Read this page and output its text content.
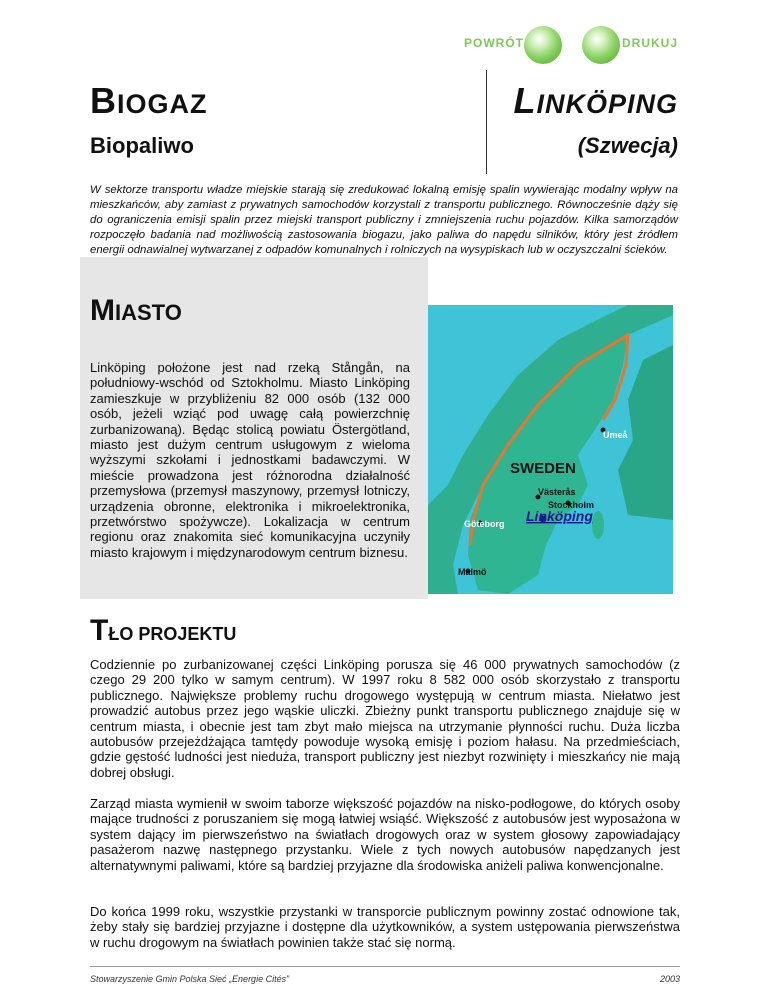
POWRÓT	DRUKUJ
BIOGAZ
Biopaliwo
LINKÖPING
(Szwecja)
W sektorze transportu władze miejskie starają się zredukować lokalną emisję spalin wywierając modalny wpływ na mieszkańców, aby zamiast z prywatnych samochodów korzystali z transportu publicznego. Równocześnie dąży się do ograniczenia emisji spalin przez miejski transport publiczny i zmniejszenia ruchu pojazdów. Kilka samorządów rozpoczęło badania nad możliwością zastosowania biogazu, jako paliwa do napędu silników, który jest źródłem energii odnawialnej wytwarzanej z odpadów komunalnych i rolniczych na wysypiskach lub w oczyszczalni ścieków.
MIASTO
Linköping położone jest nad rzeką Stångån, na południowy-wschód od Sztokholmu. Miasto Linköping zamieszkuje w przybliżeniu 82 000 osób (132 000 osób, jeżeli wziąć pod uwagę całą powierzchnię zurbanizowaną). Będąc stolicą powiatu Östergötland, miasto jest dużym centrum usługowym z wieloma wyższymi szkołami i jednostkami badawczymi. W mieście prowadzona jest różnorodna działalność przemysłowa (przemysł maszynowy, przemysł lotniczy, urządzenia obronne, elektronika i mikroelektronika, przetwórstwo spożywcze). Lokalizacja w centrum regionu oraz znakomita sieć komunikacyjna uczyniły miasto krajowym i międzynarodowym centrum biznesu.
SWEDEN
Umeå
Västerås
Stockholm
Göteborg Linköping
Malmö
TŁO PROJEKTU

Codziennie po zurbanizowanej części Linköping porusza się 46 000 prywatnych samochodów (z czego 29 200 tylko w samym centrum). W 1997 roku 8 582 000 osób skorzystało z transportu publicznego. Największe problemy ruchu drogowego występują w centrum miasta. Niełatwo jest prowadzić autobus przez jego wąskie uliczki. Zbieżny punkt transportu publicznego znajduje się w centrum miasta, i obecnie jest tam zbyt mało miejsca na utrzymanie płynności ruchu. Duża liczba autobusów przejeżdżająca tamtędy powoduje wysoką emisję i poziom hałasu. Na przedmieściach, gdzie gęstość ludności jest nieduża, transport publiczny jest niezbyt rozwinięty i mieszkańcy nie mają dobrej obsługi.

Zarząd miasta wymienił w swoim taborze większość pojazdów na nisko-podłogowe, do których osoby mające trudności z poruszaniem się mogą łatwiej wsiąść. Większość z autobusów jest wyposażona w system dający im pierwszeństwo na światłach drogowych oraz w system głosowy zapowiadający pasażerom nazwę następnego przystanku. Wiele z tych nowych autobusów napędzanych jest alternatywnymi paliwami, które są bardziej przyjazne dla środowiska aniżeli paliwa konwencjonalne.

Do końca 1999 roku, wszystkie przystanki w transporcie publicznym powinny zostać odnowione tak, żeby stały się bardziej przyjazne i dostępne dla użytkowników, a system ustępowania pierwszeństwa w ruchu drogowym na światłach powinien także stać się normą.

Stowarzyszenie Gmin Polska Sieć „Energie Cités”	2003
